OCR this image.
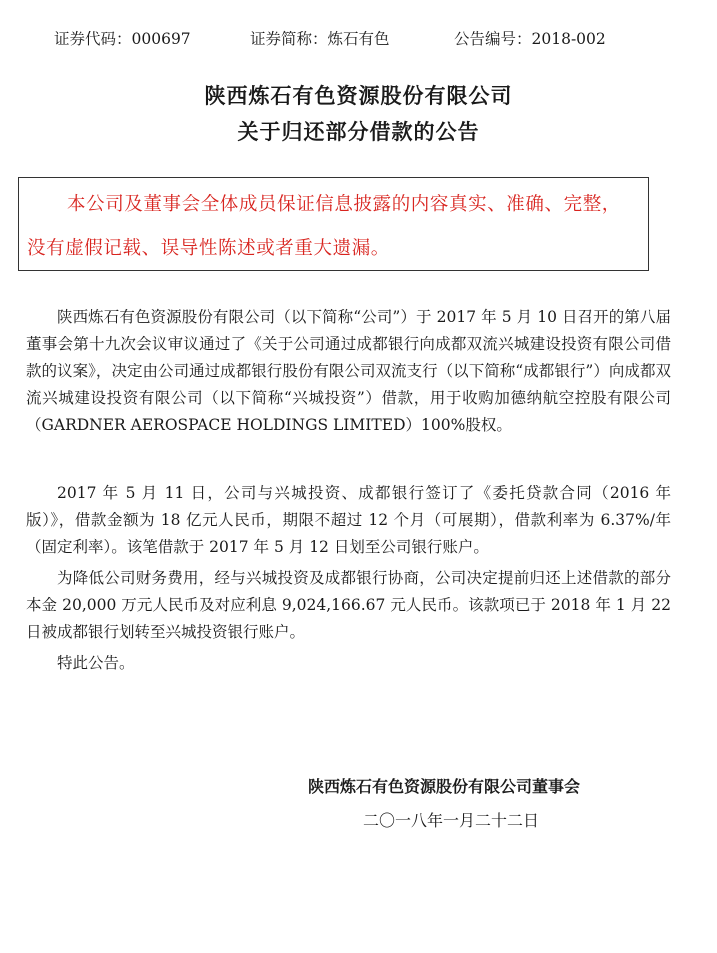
证券代码：000697	证券简称：炼石有色	公告编号：2018-002
陕西炼石有色资源股份有限公司
关于归还部分借款的公告
本公司及董事会全体成员保证信息披露的内容真实、准确、完整，
没有虚假记载、误导性陈述或者重大遗漏。

陕西炼石有色资源股份有限公司（以下简称“公司”）于 2017 年 5 月 10 日召开的第八届董事会第十九次会议审议通过了《关于公司通过成都银行向成都双流兴城建设投资有限公司借款的议案》，决定由公司通过成都银行股份有限公司双流支行（以下简称“成都银行”）向成都双流兴城建设投资有限公司（以下简称“兴城投资”）借款，用于收购加德纳航空控股有限公司（GARDNER AEROSPACE HOLDINGS LIMITED）100%股权。

2017 年 5 月 11 日，公司与兴城投资、成都银行签订了《委托贷款合同（2016 年版）》，借款金额为 18 亿元人民币，期限不超过 12 个月（可展期），借款利率为 6.37%/年（固定利率）。该笔借款于 2017 年 5 月 12 日划至公司银行账户。

为降低公司财务费用，经与兴城投资及成都银行协商，公司决定提前归还上述借款的部分本金 20,000 万元人民币及对应利息 9,024,166.67 元人民币。该款项已于 2018 年 1 月 22 日被成都银行划转至兴城投资银行账户。

特此公告。

陕西炼石有色资源股份有限公司董事会
二〇一八年一月二十二日
